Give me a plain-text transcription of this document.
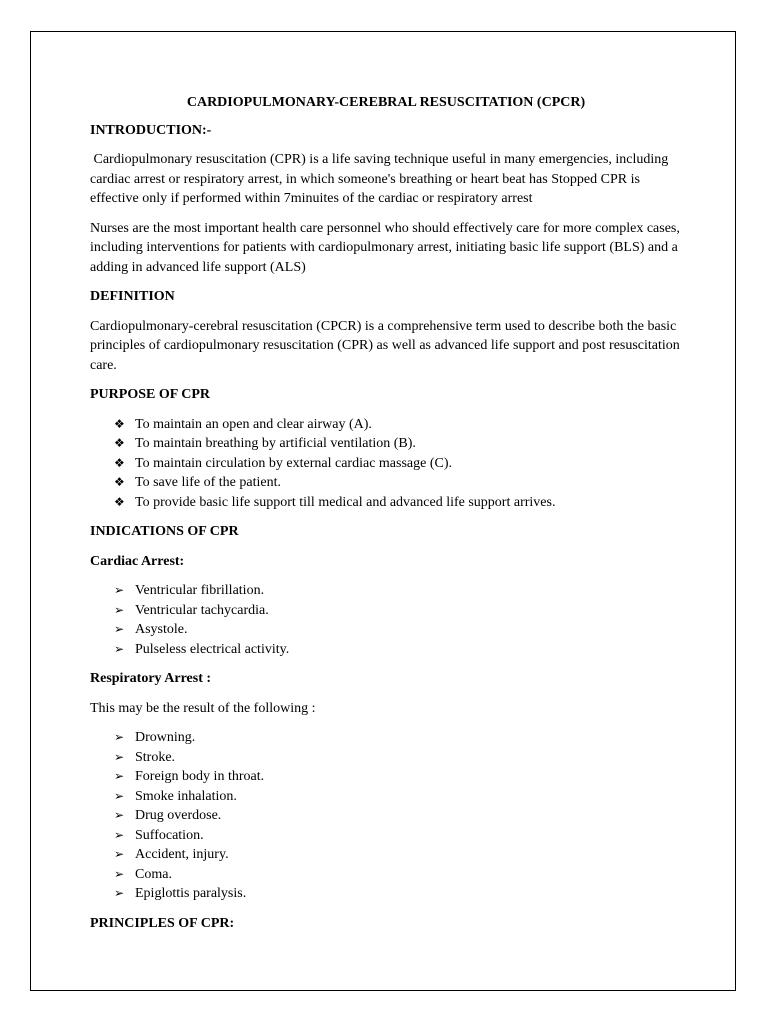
CARDIOPULMONARY-CEREBRAL RESUSCITATION (CPCR)
INTRODUCTION:-

Cardiopulmonary resuscitation (CPR) is a life saving technique useful in many emergencies, including cardiac arrest or respiratory arrest, in which someone's breathing or heart beat has Stopped CPR is effective only if performed within 7minuites of the cardiac or respiratory arrest

Nurses are the most important health care personnel who should effectively care for more complex cases, including interventions for patients with cardiopulmonary arrest, initiating basic life support (BLS) and a adding in advanced life support (ALS)

DEFINITION

Cardiopulmonary-cerebral resuscitation (CPCR) is a comprehensive term used to describe both the basic principles of cardiopulmonary resuscitation (CPR) as well as advanced life support and post resuscitation care.

PURPOSE OF CPR
❖ To maintain an open and clear airway (A).
❖ To maintain breathing by artificial ventilation (B).
❖ To maintain circulation by external cardiac massage (C).
❖ To save life of the patient.
❖ To provide basic life support till medical and advanced life support arrives.
INDICATIONS OF CPR
Cardiac Arrest:
➢ Ventricular fibrillation.
➢ Ventricular tachycardia.
➢ Asystole.
➢ Pulseless electrical activity.
Respiratory Arrest :

This may be the result of the following :

➢ Drowning.
➢ Stroke.
➢ Foreign body in throat.
➢ Smoke inhalation.
➢ Drug overdose.
➢ Suffocation.
➢ Accident, injury.
➢ Coma.
➢ Epiglottis paralysis.
PRINCIPLES OF CPR:
